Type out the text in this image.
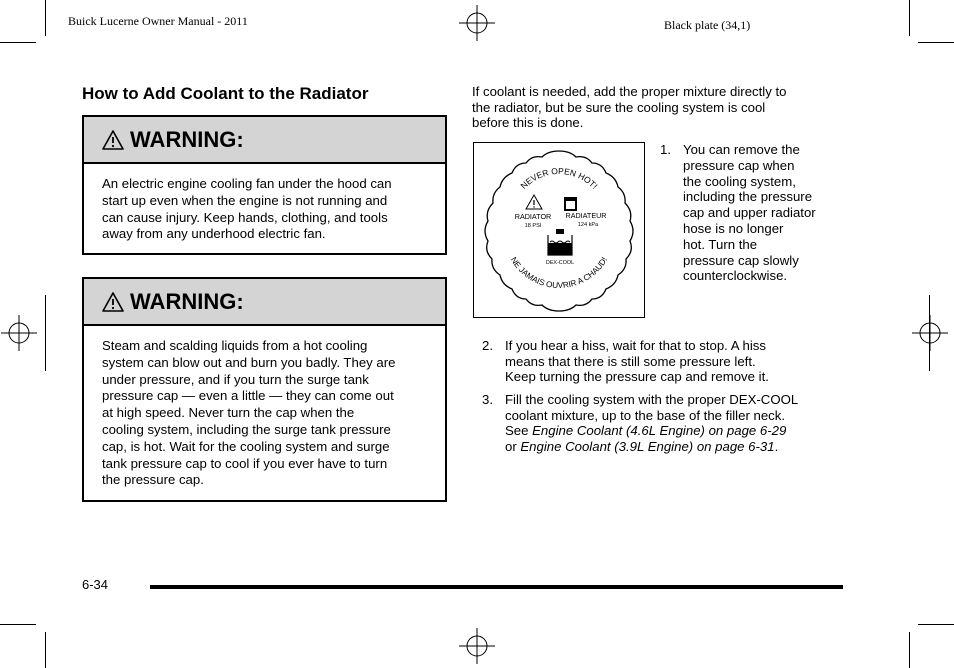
Buick Lucerne Owner Manual - 2011	Black plate (34,1)
How to Add Coolant to the Radiator
WARNING:
An electric engine cooling fan under the hood can
start up even when the engine is not running and
can cause injury. Keep hands, clothing, and tools
away from any underhood electric fan.
WARNING:
Steam and scalding liquids from a hot cooling
system can blow out and burn you badly. They are
under pressure, and if you turn the surge tank
pressure cap — even a little — they can come out
at high speed. Never turn the cap when the
cooling system, including the surge tank pressure
cap, is hot. Wait for the cooling system and surge
tank pressure cap to cool if you ever have to turn
the pressure cap.
If coolant is needed, add the proper mixture directly to
the radiator, but be sure the cooling system is cool
before this is done.
NEVER OPEN HOT!
NE JAMAIS OUVRIR A CHAUD!
RADIATOR
18 PSI
RADIATEUR
124 kPa
DEX-COOL
1. You can remove the
pressure cap when
the cooling system,
including the pressure
cap and upper radiator
hose is no longer
hot. Turn the
pressure cap slowly
counterclockwise.
2. If you hear a hiss, wait for that to stop. A hiss
means that there is still some pressure left.
Keep turning the pressure cap and remove it.
3. Fill the cooling system with the proper DEX-COOL
coolant mixture, up to the base of the filler neck.
See Engine Coolant (4.6L Engine) on page 6-29
or Engine Coolant (3.9L Engine) on page 6-31.
6-34
